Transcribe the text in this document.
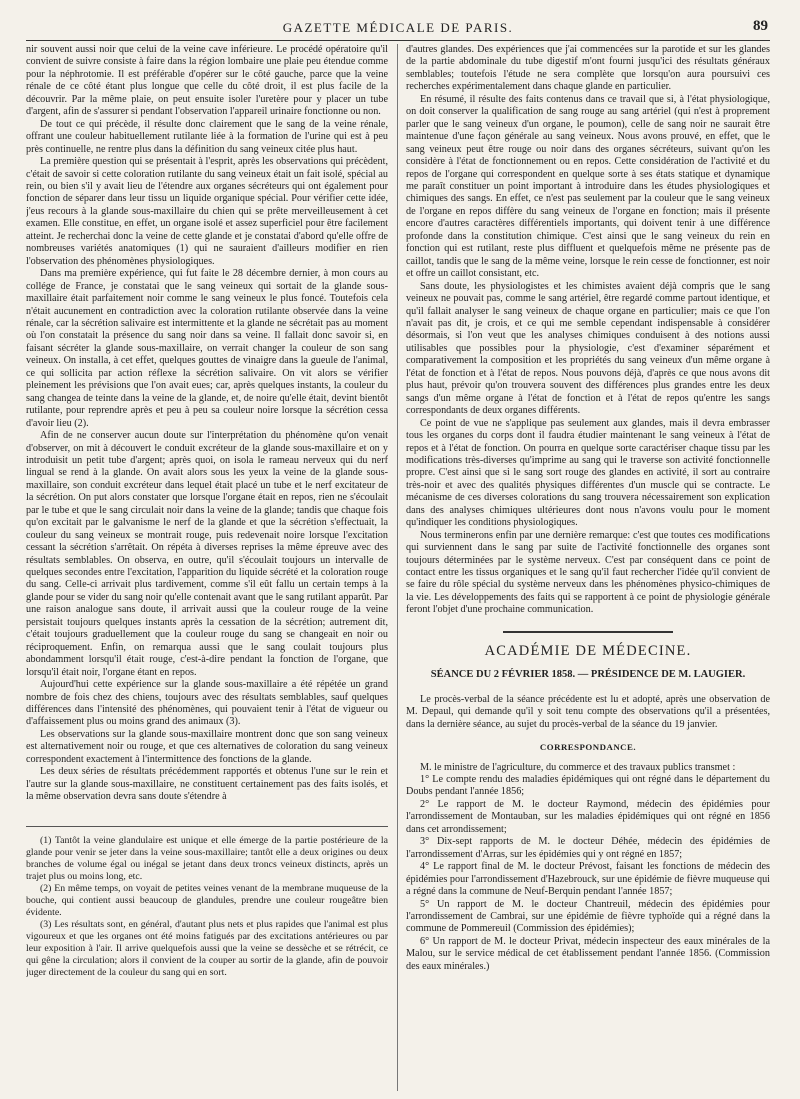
GAZETTE MÉDICALE DE PARIS.	89

nir souvent aussi noir que celui de la veine cave inférieure. Le procédé opératoire qu'il convient de suivre consiste à faire dans la région lombaire une plaie peu étendue comme pour la néphrotomie. Il est préférable d'opérer sur le côté gauche, parce que la veine rénale de ce côté étant plus longue que celle du côté droit, il est plus facile de la découvrir. Par la même plaie, on peut ensuite isoler l'uretère pour y placer un tube d'argent, afin de s'assurer si pendant l'observation l'appareil urinaire fonctionne ou non.

De tout ce qui précède, il résulte donc clairement que le sang de la veine rénale, offrant une couleur habituellement rutilante liée à la formation de l'urine qui est à peu près continuelle, ne rentre plus dans la définition du sang veineux citée plus haut.

La première question qui se présentait à l'esprit, après les observations qui précèdent, c'était de savoir si cette coloration rutilante du sang veineux était un fait isolé, spécial au rein, ou bien s'il y avait lieu de l'étendre aux organes sécréteurs qui ont également pour fonction de séparer dans leur tissu un liquide organique spécial. Pour vérifier cette idée, j'eus recours à la glande sous-maxillaire du chien qui se prête merveilleusement à cet examen. Elle constitue, en effet, un organe isolé et assez superficiel pour être facilement atteint. Je recherchai donc la veine de cette glande et je constatai d'abord qu'elle offre de nombreuses variétés anatomiques (1) qui ne sauraient d'ailleurs modifier en rien l'observation des phénomènes physiologiques.

Dans ma première expérience, qui fut faite le 28 décembre dernier, à mon cours au collége de France, je constatai que le sang veineux qui sortait de la glande sous-maxillaire était parfaitement noir comme le sang veineux le plus foncé. Toutefois cela n'était aucunement en contradiction avec la coloration rutilante observée dans la veine rénale, car la sécrétion salivaire est intermittente et la glande ne sécrétait pas au moment où l'on constatait la présence du sang noir dans sa veine. Il fallait donc savoir si, en faisant sécréter la glande sous-maxillaire, on verrait changer la couleur de son sang veineux. On installa, à cet effet, quelques gouttes de vinaigre dans la gueule de l'animal, ce qui sollicita par action réflexe la sécrétion salivaire. On vit alors se vérifier pleinement les prévisions que l'on avait eues; car, après quelques instants, la couleur du sang changea de teinte dans la veine de la glande, et, de noire qu'elle était, devint bientôt rutilante, pour reprendre après et peu à peu sa couleur noire lorsque la sécrétion cessa d'avoir lieu (2).

Afin de ne conserver aucun doute sur l'interprétation du phénomène qu'on venait d'observer, on mit à découvert le conduit excréteur de la glande sous-maxillaire et on y introduisit un petit tube d'argent; après quoi, on isola le rameau nerveux qui du nerf lingual se rend à la glande. On avait alors sous les yeux la veine de la glande sous-maxillaire, son conduit excréteur dans lequel était placé un tube et le nerf excitateur de la sécrétion. On put alors constater que lorsque l'organe était en repos, rien ne s'écoulait par le tube et que le sang circulait noir dans la veine de la glande; tandis que chaque fois qu'on excitait par le galvanisme le nerf de la glande et que la sécrétion s'effectuait, la couleur du sang veineux se montrait rouge, puis redevenait noire lorsque l'excitation cessant la sécrétion s'arrêtait. On répéta à diverses reprises la même épreuve avec des résultats semblables. On observa, en outre, qu'il s'écoulait toujours un intervalle de quelques secondes entre l'excitation, l'apparition du liquide sécrété et la coloration rouge du sang. Celle-ci arrivait plus tardivement, comme s'il eût fallu un certain temps à la glande pour se vider du sang noir qu'elle contenait avant que le sang rutilant apparût. Par une raison analogue sans doute, il arrivait aussi que la couleur rouge de la veine persistait toujours quelques instants après la cessation de la sécrétion; autrement dit, c'était toujours graduellement que la couleur rouge du sang se changeait en noir ou réciproquement. Enfin, on remarqua aussi que le sang coulait toujours plus abondamment lorsqu'il était rouge, c'est-à-dire pendant la fonction de l'organe, que lorsqu'il était noir, l'organe étant en repos.

Aujourd'hui cette expérience sur la glande sous-maxillaire a été répétée un grand nombre de fois chez des chiens, toujours avec des résultats semblables, sauf quelques différences dans l'intensité des phénomènes, qui pouvaient tenir à l'état de vigueur ou d'affaissement plus ou moins grand des animaux (3).

Les observations sur la glande sous-maxillaire montrent donc que son sang veineux est alternativement noir ou rouge, et que ces alternatives de coloration du sang veineux correspondent exactement à l'intermittence des fonctions de la glande.

Les deux séries de résultats précédemment rapportés et obtenus l'une sur le rein et l'autre sur la glande sous-maxillaire, ne constituent certainement pas des faits isolés, et la même observation devra sans doute s'étendre à

(1) Tantôt la veine glandulaire est unique et elle émerge de la partie postérieure de la glande pour venir se jeter dans la veine sous-maxillaire; tantôt elle a deux origines ou deux branches de volume égal ou inégal se jetant dans deux troncs veineux distincts, après un trajet plus ou moins long, etc.

(2) En même temps, on voyait de petites veines venant de la membrane muqueuse de la bouche, qui contient aussi beaucoup de glandules, prendre une couleur rougeâtre bien évidente.

(3) Les résultats sont, en général, d'autant plus nets et plus rapides que l'animal est plus vigoureux et que les organes ont été moins fatigués par des excitations antérieures ou par leur exposition à l'air. Il arrive quelquefois aussi que la veine se dessèche et se rétrécit, ce qui gêne la circulation; alors il convient de la couper au sortir de la glande, afin de pouvoir juger directement de la couleur du sang qui en sort.

d'autres glandes. Des expériences que j'ai commencées sur la parotide et sur les glandes de la partie abdominale du tube digestif m'ont fourni jusqu'ici des résultats généraux semblables; toutefois l'étude ne sera complète que lorsqu'on aura poursuivi ces recherches expérimentalement dans chaque glande en particulier.

En résumé, il résulte des faits contenus dans ce travail que si, à l'état physiologique, on doit conserver la qualification de sang rouge au sang artériel (qui n'est à proprement parler que le sang veineux d'un organe, le poumon), celle de sang noir ne saurait être maintenue d'une façon générale au sang veineux. Nous avons prouvé, en effet, que le sang veineux peut être rouge ou noir dans des organes sécréteurs, suivant qu'on les considère à l'état de fonctionnement ou en repos. Cette considération de l'activité et du repos de l'organe qui correspondent en quelque sorte à ses états statique et dynamique me paraît constituer un point important à introduire dans les études physiologiques et chimiques des sangs. En effet, ce n'est pas seulement par la couleur que le sang veineux de l'organe en repos diffère du sang veineux de l'organe en fonction; mais il présente encore d'autres caractères différentiels importants, qui doivent tenir à une différence profonde dans la constitution chimique. C'est ainsi que le sang veineux du rein en fonction qui est rutilant, reste plus diffluent et quelquefois même ne présente pas de caillot, tandis que le sang de la même veine, lorsque le rein cesse de fonctionner, est noir et offre un caillot consistant, etc.

Sans doute, les physiologistes et les chimistes avaient déjà compris que le sang veineux ne pouvait pas, comme le sang artériel, être regardé comme partout identique, et qu'il fallait analyser le sang veineux de chaque organe en particulier; mais ce que l'on n'avait pas dit, je crois, et ce qui me semble cependant indispensable à considérer désormais, si l'on veut que les analyses chimiques conduisent à des notions aussi utilisables que possibles pour la physiologie, c'est d'examiner séparément et comparativement la composition et les propriétés du sang veineux d'un même organe à l'état de fonction et à l'état de repos. Nous pouvons déjà, d'après ce que nous avons dit plus haut, prévoir qu'on trouvera souvent des différences plus grandes entre les deux sangs d'un même organe à l'état de fonction et à l'état de repos qu'entre les sangs correspondants de deux organes différents.

Ce point de vue ne s'applique pas seulement aux glandes, mais il devra embrasser tous les organes du corps dont il faudra étudier maintenant le sang veineux à l'état de repos et à l'état de fonction. On pourra en quelque sorte caractériser chaque tissu par les modifications très-diverses qu'imprime au sang qui le traverse son activité fonctionnelle propre. C'est ainsi que si le sang sort rouge des glandes en activité, il sort au contraire très-noir et avec des qualités physiques différentes d'un muscle qui se contracte. Le mécanisme de ces diverses colorations du sang trouvera nécessairement son explication dans des analyses chimiques ultérieures dont nous n'avons voulu pour le moment qu'indiquer les conditions physiologiques.

Nous terminerons enfin par une dernière remarque: c'est que toutes ces modifications qui surviennent dans le sang par suite de l'activité fonctionnelle des organes sont toujours déterminées par le système nerveux. C'est par conséquent dans ce point de contact entre les tissus organiques et le sang qu'il faut rechercher l'idée qu'il convient de se faire du rôle spécial du système nerveux dans les phénomènes physico-chimiques de la vie. Les développements des faits qui se rapportent à ce point de physiologie générale feront l'objet d'une prochaine communication.

ACADÉMIE DE MÉDECINE.
SÉANCE DU 2 FÉVRIER 1858. — PRÉSIDENCE DE M. LAUGIER.

Le procès-verbal de la séance précédente est lu et adopté, après une observation de M. Depaul, qui demande qu'il y soit tenu compte des observations qu'il a présentées, dans la dernière séance, au sujet du procès-verbal de la séance du 19 janvier.

CORRESPONDANCE.

M. le ministre de l'agriculture, du commerce et des travaux publics transmet :

1° Le compte rendu des maladies épidémiques qui ont régné dans le département du Doubs pendant l'année 1856;

2° Le rapport de M. le docteur Raymond, médecin des épidémies pour l'arrondissement de Montauban, sur les maladies épidémiques qui ont régné en 1856 dans cet arrondissement;

3° Dix-sept rapports de M. le docteur Déhée, médecin des épidémies de l'arrondissement d'Arras, sur les épidémies qui y ont régné en 1857;

4° Le rapport final de M. le docteur Prévost, faisant les fonctions de médecin des épidémies pour l'arrondissement d'Hazebrouck, sur une épidémie de fièvre muqueuse qui a régné dans la commune de Neuf-Berquin pendant l'année 1857;

5° Un rapport de M. le docteur Chantreuil, médecin des épidémies pour l'arrondissement de Cambrai, sur une épidémie de fièvre typhoïde qui a régné dans la commune de Pommereuil (Commission des épidémies);

6° Un rapport de M. le docteur Privat, médecin inspecteur des eaux minérales de la Malou, sur le service médical de cet établissement pendant l'année 1856. (Commission des eaux minérales.)
